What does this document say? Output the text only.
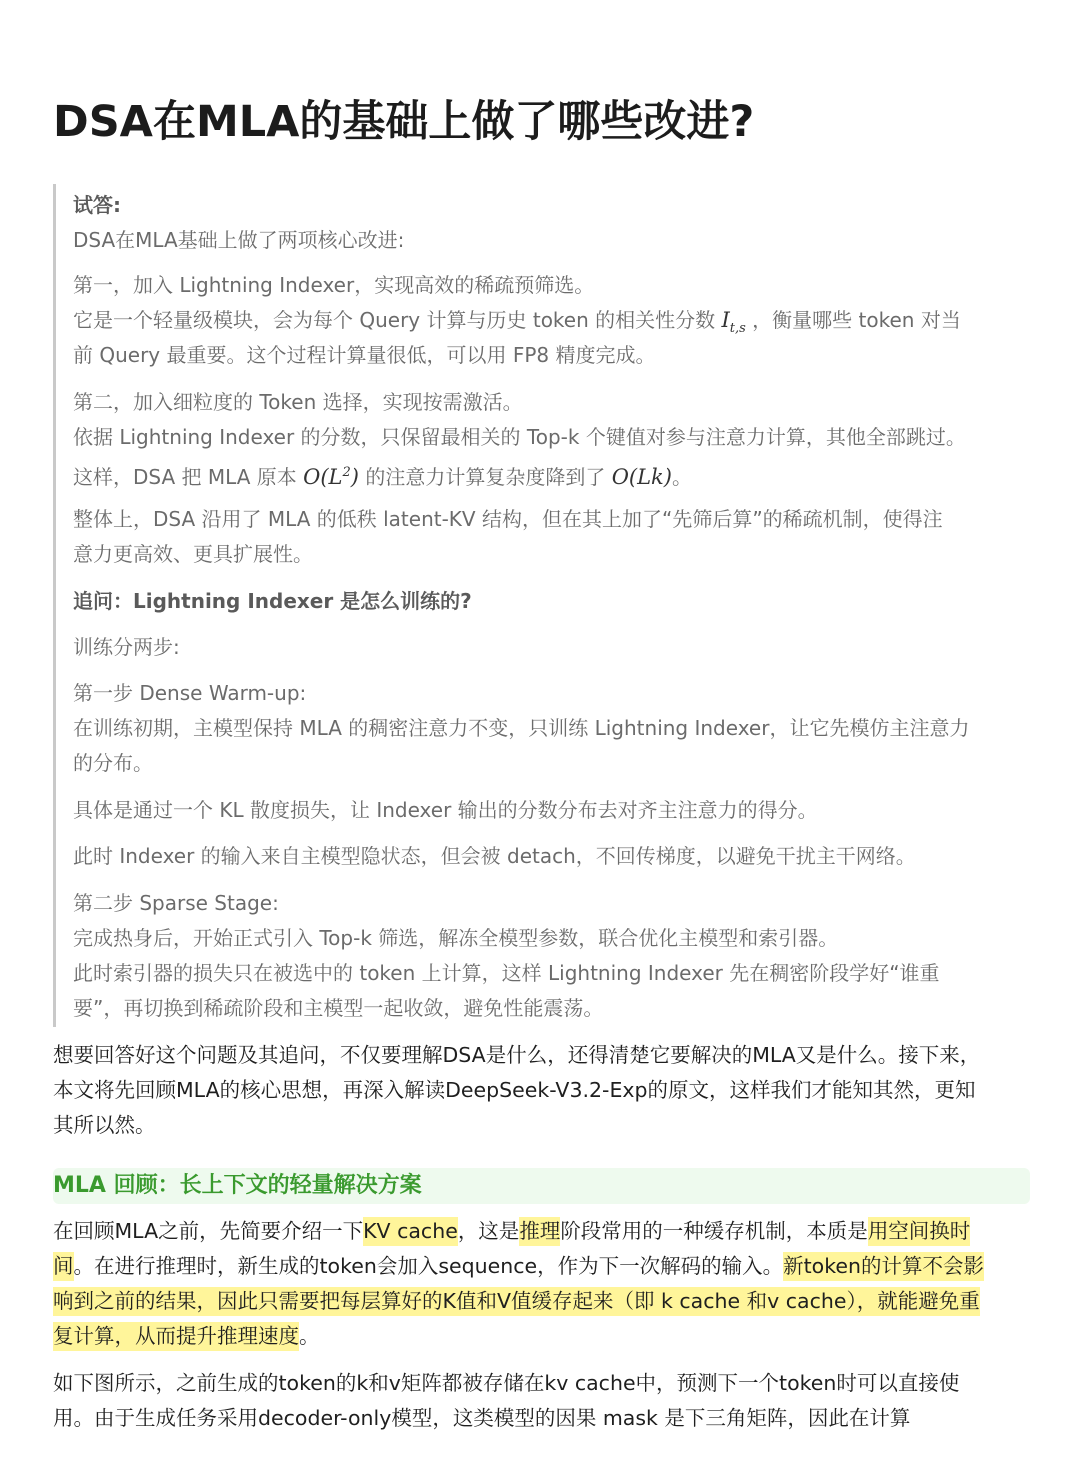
DSA在MLA的基础上做了哪些改进?
试答:
DSA在MLA基础上做了两项核心改进:
第一，加入 Lightning Indexer，实现高效的稀疏预筛选。
它是一个轻量级模块，会为每个 Query 计算与历史 token 的相关性分数 $I_{t,s}$ ，衡量哪些 token 对当
前 Query 最重要。这个过程计算量很低，可以用 FP8 精度完成。
第二，加入细粒度的 Token 选择，实现按需激活。
依据 Lightning Indexer 的分数，只保留最相关的 Top-k 个键值对参与注意力计算，其他全部跳过。
这样，DSA 把 MLA 原本 $O(L^2)$ 的注意力计算复杂度降到了 O(Lk)。
整体上，DSA 沿用了 MLA 的低秩 latent-KV 结构，但在其上加了“先筛后算”的稀疏机制，使得注
意力更高效、更具扩展性。
追问：Lightning Indexer 是怎么训练的?
训练分两步:
第一步 Dense Warm-up:
在训练初期，主模型保持 MLA 的稠密注意力不变，只训练 Lightning Indexer，让它先模仿主注意力
的分布。
具体是通过一个 KL 散度损失，让 Indexer 输出的分数分布去对齐主注意力的得分。
此时 Indexer 的输入来自主模型隐状态，但会被 detach，不回传梯度，以避免干扰主干网络。
第二步 Sparse Stage:
完成热身后，开始正式引入 Top-k 筛选，解冻全模型参数，联合优化主模型和索引器。
此时索引器的损失只在被选中的 token 上计算，这样 Lightning Indexer 先在稠密阶段学好“谁重
要”，再切换到稀疏阶段和主模型一起收敛，避免性能震荡。
想要回答好这个问题及其追问，不仅要理解DSA是什么，还得清楚它要解决的MLA又是什么。接下来，
本文将先回顾MLA的核心思想，再深入解读DeepSeek-V3.2-Exp的原文，这样我们才能知其然，更知
其所以然。
MLA 回顾：长上下文的轻量解决方案
在回顾MLA之前，先简要介绍一下KV cache，这是推理阶段常用的一种缓存机制，本质是用空间换时
间。在进行推理时，新生成的token会加入sequence，作为下一次解码的输入。新token的计算不会影
响到之前的结果，因此只需要把每层算好的K值和V值缓存起来（即 k cache 和v cache），就能避免重
复计算，从而提升推理速度。
如下图所示，之前生成的token的k和v矩阵都被存储在kv cache中，预测下一个token时可以直接使
用。由于生成任务采用decoder-only模型，这类模型的因果 mask 是下三角矩阵，因此在计算
